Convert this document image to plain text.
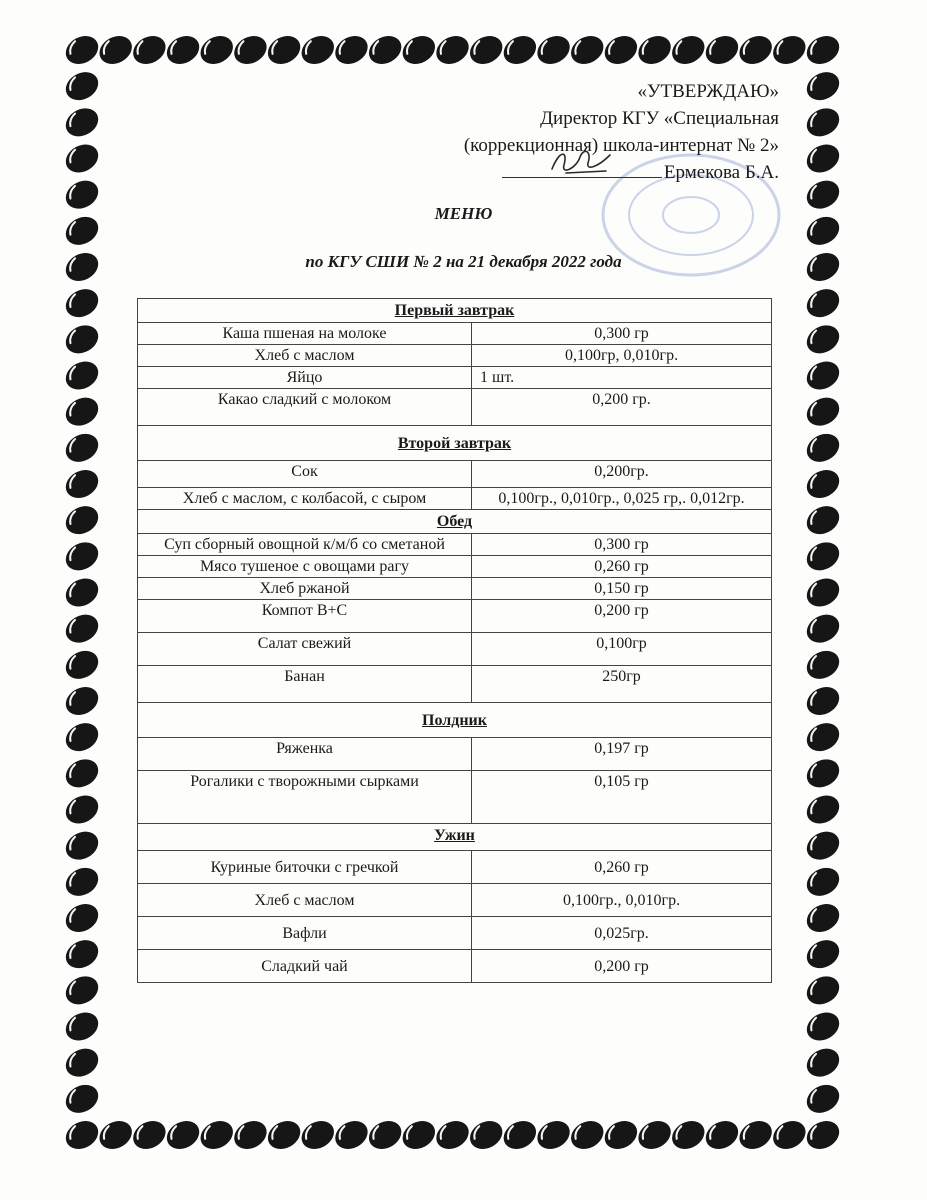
«УТВЕРЖДАЮ»
Директор КГУ «Специальная
(коррекционная) школа-интернат № 2»
Ермекова Б.А.
МЕНЮ
по КГУ СШИ № 2 на 21 декабря 2022 года
Первый завтрак	
Каша пшеная на молоке	0,300 гр
Хлеб с маслом	0,100гр, 0,010гр.
Яйцо	1 шт.
Какао сладкий с молоком	0,200 гр.
Второй завтрак	
Сок	0,200гр.
Хлеб с маслом, с колбасой, с сыром	0,100гр., 0,010гр., 0,025 гр,. 0,012гр.
Обед	
Суп сборный овощной к/м/б со сметаной	0,300 гр
Мясо тушеное с овощами рагу	0,260 гр
Хлеб ржаной	0,150 гр
Компот В+С	0,200 гр
Салат свежий	0,100гр
Банан	250гр
Полдник	
Ряженка	0,197 гр
Рогалики с творожными сырками	0,105 гр
Ужин	
Куриные биточки с гречкой	0,260 гр
Хлеб с маслом	0,100гр., 0,010гр.
Вафли	0,025гр.
Сладкий чай	0,200 гр
